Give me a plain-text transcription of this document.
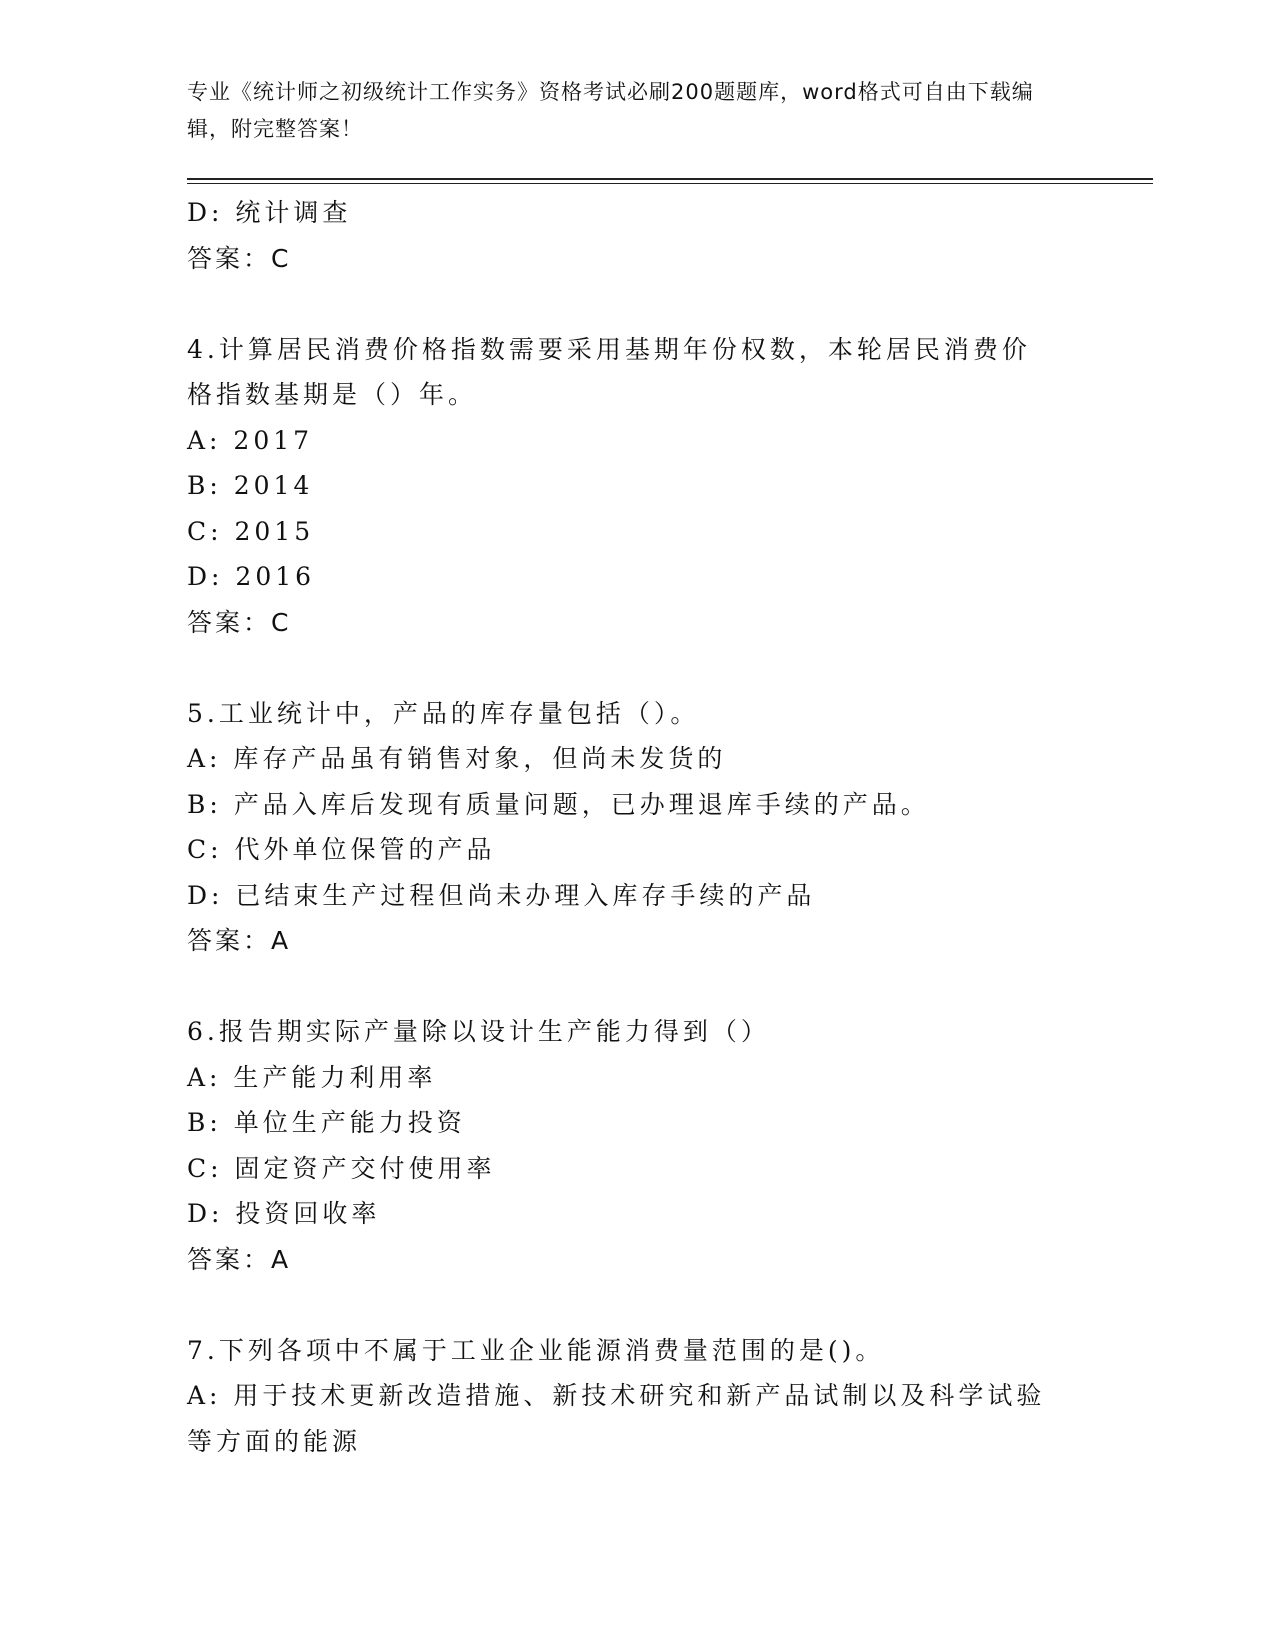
专业《统计师之初级统计工作实务》资格考试必刷200题题库，word格式可自由下载编辑，附完整答案！
D: 统计调查
答案：C
4.计算居民消费价格指数需要采用基期年份权数，本轮居民消费价格指数基期是（）年。
A: 2017
B: 2014
C: 2015
D: 2016
答案：C
5.工业统计中，产品的库存量包括（）。
A: 库存产品虽有销售对象，但尚未发货的
B: 产品入库后发现有质量问题，已办理退库手续的产品。
C: 代外单位保管的产品
D: 已结束生产过程但尚未办理入库存手续的产品
答案：A
6.报告期实际产量除以设计生产能力得到（）
A: 生产能力利用率
B: 单位生产能力投资
C: 固定资产交付使用率
D: 投资回收率
答案：A
7.下列各项中不属于工业企业能源消费量范围的是()。
A: 用于技术更新改造措施、新技术研究和新产品试制以及科学试验等方面的能源
